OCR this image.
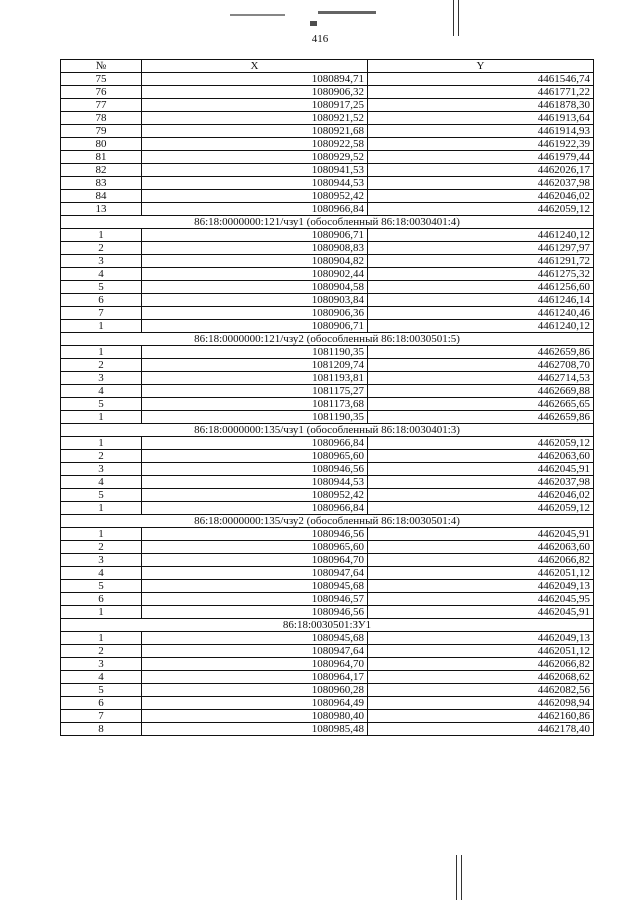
416
№	X	Y
75	1080894,71	4461546,74
76	1080906,32	4461771,22
77	1080917,25	4461878,30
78	1080921,52	4461913,64
79	1080921,68	4461914,93
80	1080922,58	4461922,39
81	1080929,52	4461979,44
82	1080941,53	4462026,17
83	1080944,53	4462037,98
84	1080952,42	4462046,02
13	1080966,84	4462059,12
86:18:0000000:121/чзу1 (обособленный 86:18:0030401:4)		
1	1080906,71	4461240,12
2	1080908,83	4461297,97
3	1080904,82	4461291,72
4	1080902,44	4461275,32
5	1080904,58	4461256,60
6	1080903,84	4461246,14
7	1080906,36	4461240,46
1	1080906,71	4461240,12
86:18:0000000:121/чзу2 (обособленный 86:18:0030501:5)		
1	1081190,35	4462659,86
2	1081209,74	4462708,70
3	1081193,81	4462714,53
4	1081175,27	4462669,88
5	1081173,68	4462665,65
1	1081190,35	4462659,86
86:18:0000000:135/чзу1 (обособленный 86:18:0030401:3)		
1	1080966,84	4462059,12
2	1080965,60	4462063,60
3	1080946,56	4462045,91
4	1080944,53	4462037,98
5	1080952,42	4462046,02
1	1080966,84	4462059,12
86:18:0000000:135/чзу2 (обособленный 86:18:0030501:4)		
1	1080946,56	4462045,91
2	1080965,60	4462063,60
3	1080964,70	4462066,82
4	1080947,64	4462051,12
5	1080945,68	4462049,13
6	1080946,57	4462045,95
1	1080946,56	4462045,91
86:18:0030501:ЗУ1		
1	1080945,68	4462049,13
2	1080947,64	4462051,12
3	1080964,70	4462066,82
4	1080964,17	4462068,62
5	1080960,28	4462082,56
6	1080964,49	4462098,94
7	1080980,40	4462160,86
8	1080985,48	4462178,40
